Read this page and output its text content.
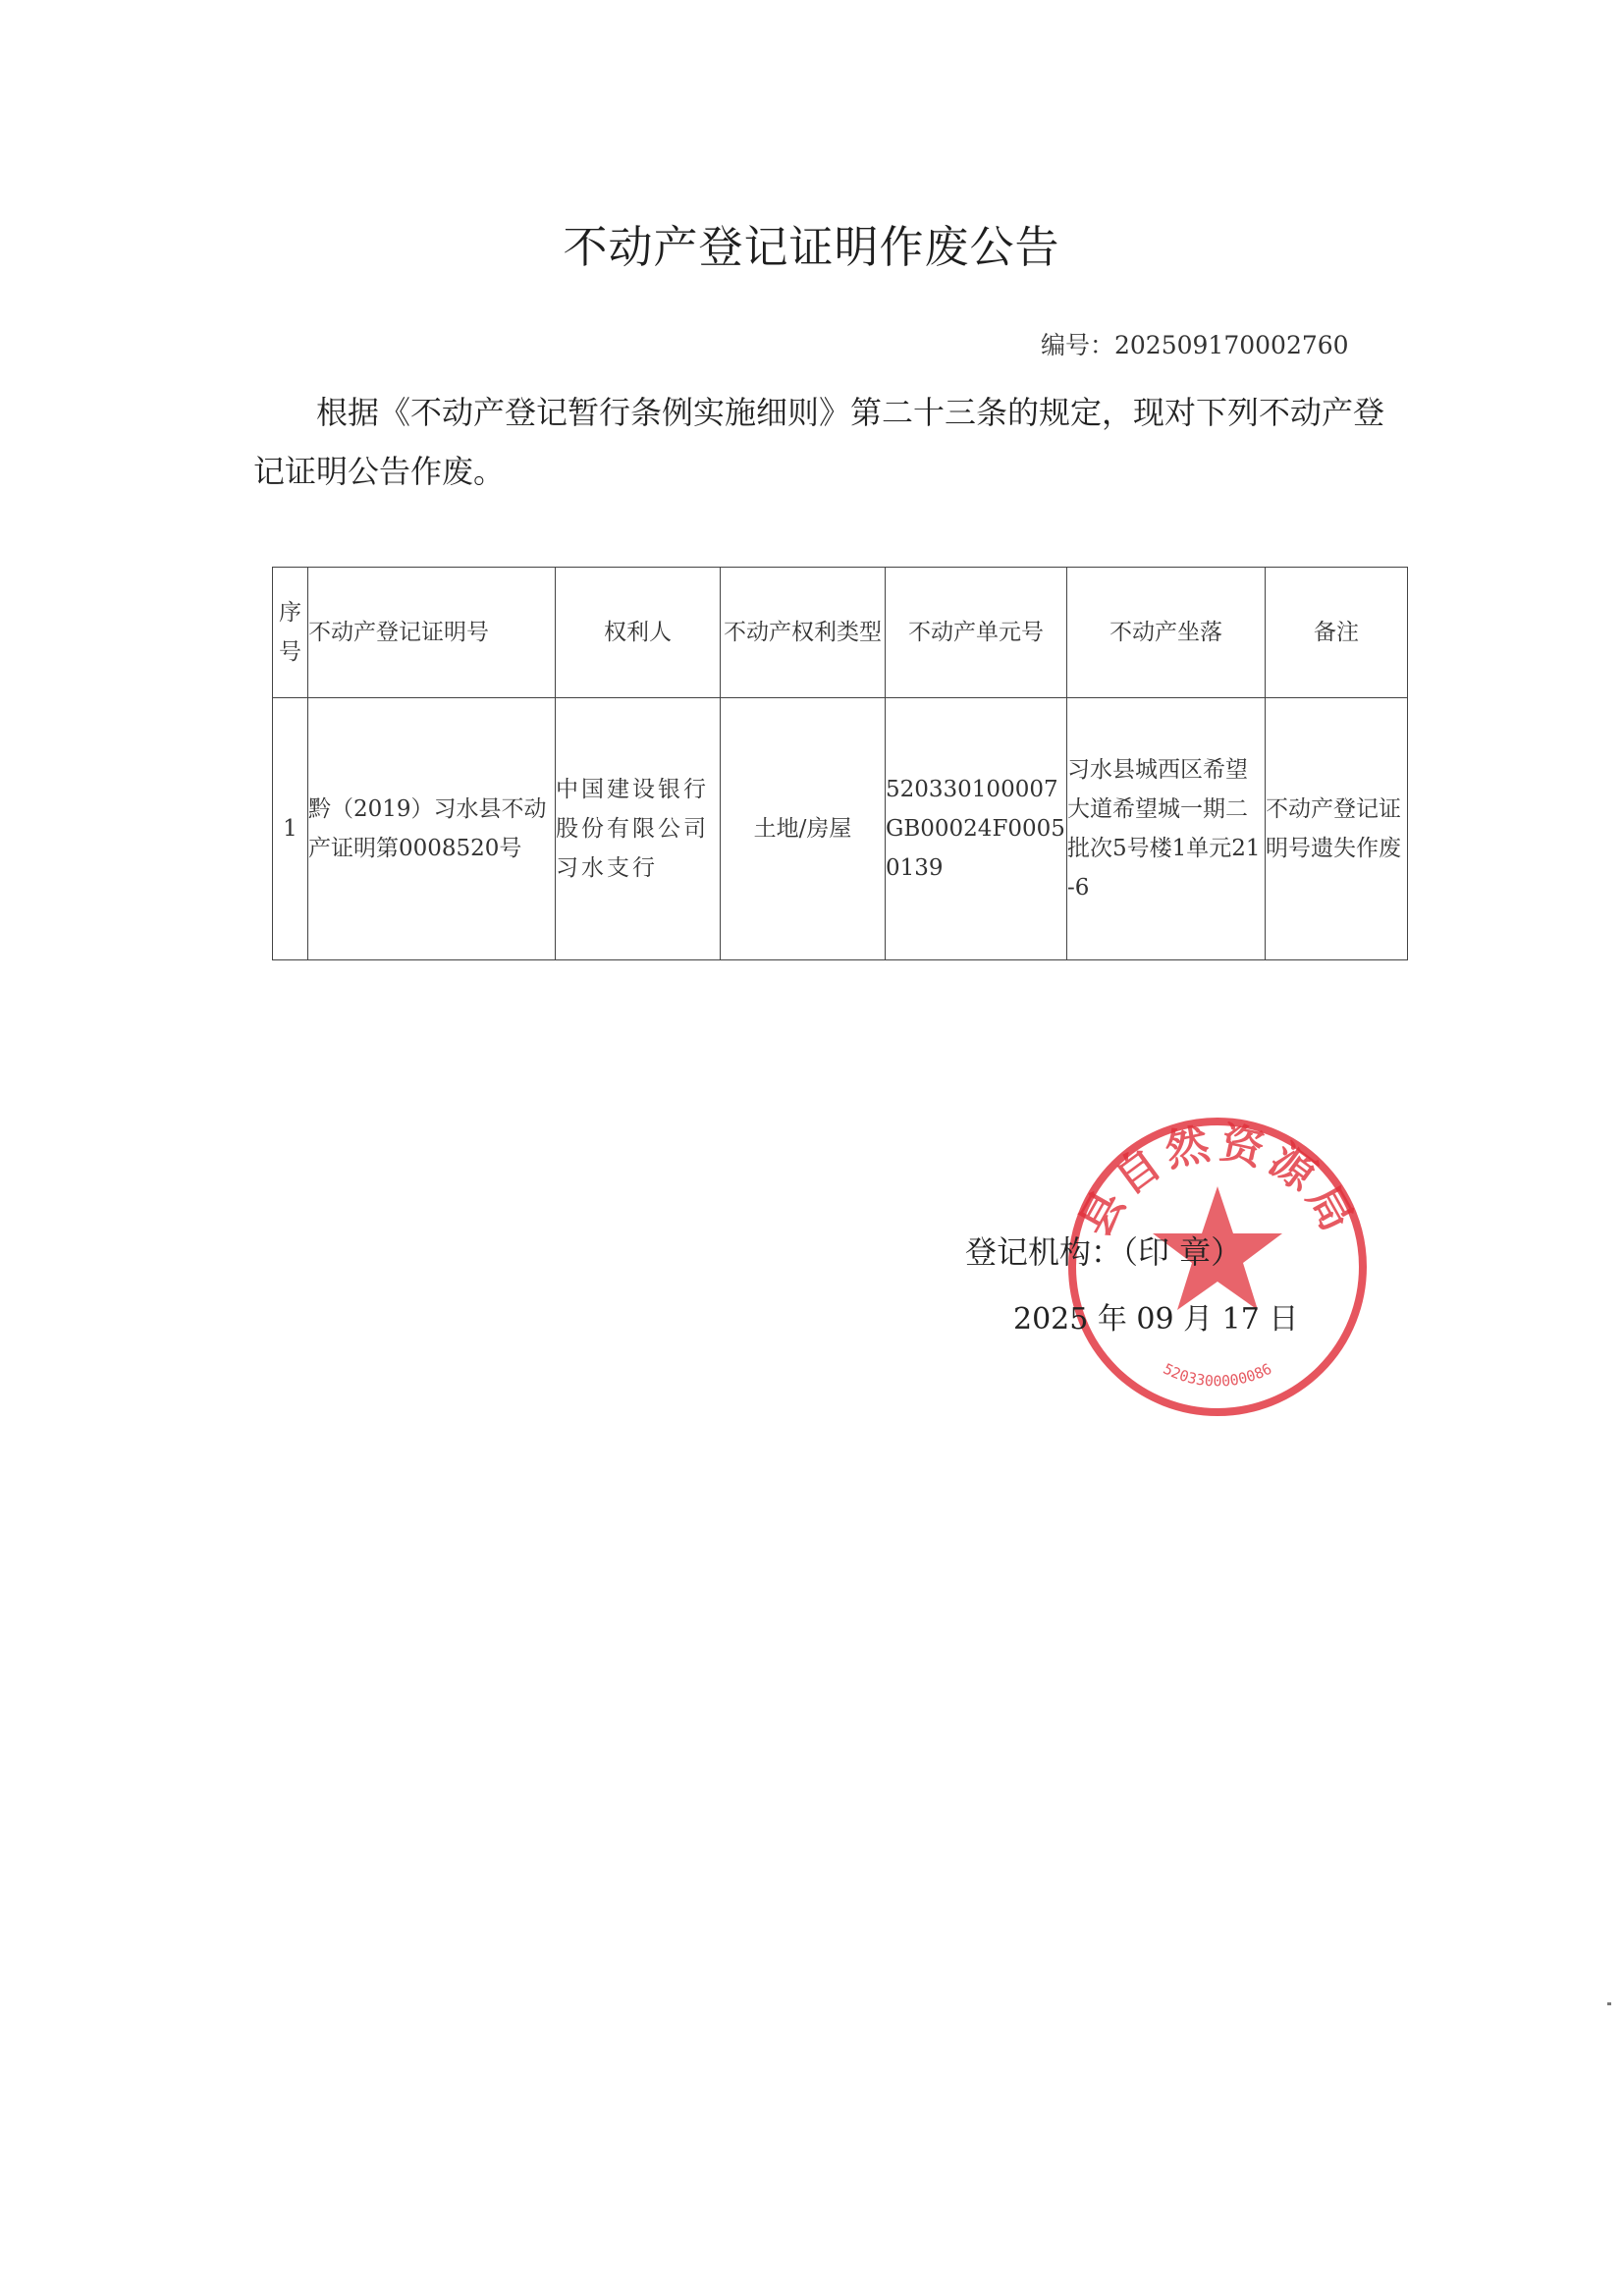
不动产登记证明作废公告
编号：202509170002760
根据《不动产登记暂行条例实施细则》第二十三条的规定，现对下列不动产登记证明公告作废。
序号	不动产登记证明号	权利人	不动产权利类型	不动产单元号	不动产坐落	备注
1	黔（2019）习水县不动产证明第0008520号	中国建设银行股份有限公司习水支行	土地/房屋	520330100007GB00024F00050139	习水县城西区希望大道希望城一期二批次5号楼1单元21-6	不动产登记证明号遗失作废
县自然资源局
5203300000086
登记机构：（印 章）
2025 年 09 月 17 日
